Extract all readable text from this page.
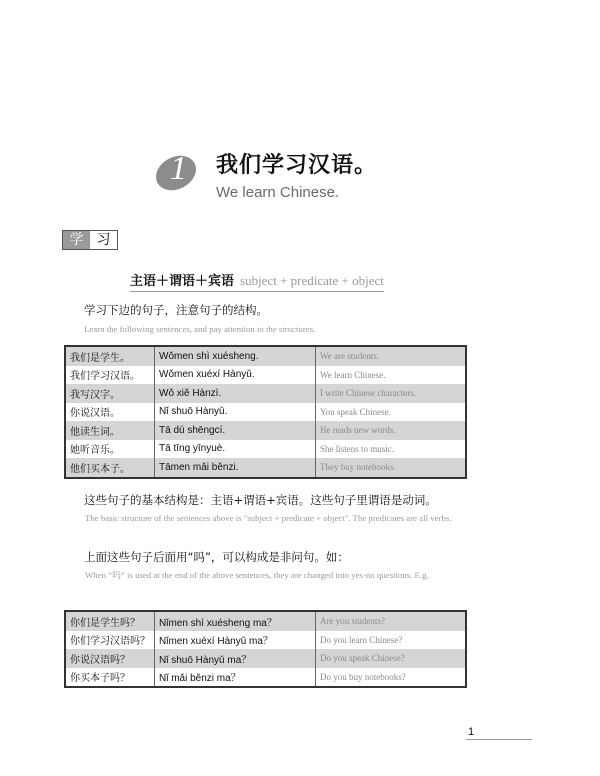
1 我们学习汉语。
We learn Chinese.
学 习
主语＋谓语＋宾语 subject + predicate + object
学习下边的句子，注意句子的结构。
Learn the following sentences, and pay attention to the structures.
我们是学生。	Wǒmen shì xuésheng.	We are students.
我们学习汉语。	Wǒmen xuéxí Hànyǔ.	We learn Chinese.
我写汉字。	Wǒ xiě Hànzì.	I write Chinese characters.
你说汉语。	Nǐ shuō Hànyǔ.	You speak Chinese.
他读生词。	Tā dú shēngcí.	He reads new words.
她听音乐。	Tā tīng yīnyuè.	She listens to music.
他们买本子。	Tāmen mǎi běnzi.	They buy notebooks.
这些句子的基本结构是：主语+谓语+宾语。这些句子里谓语是动词。
The basic structure of the sentences above is "subject + predicate + object". The predicates are all verbs.
上面这些句子后面用“吗”，可以构成是非问句。如：
When “吗” is used at the end of the above sentences, they are changed into yes-no questions. E.g.
你们是学生吗？	Nǐmen shì xuésheng ma？	Are you students?
你们学习汉语吗？	Nǐmen xuéxí Hànyǔ ma？	Do you learn Chinese?
你说汉语吗？	Nǐ shuō Hànyǔ ma？	Do you speak Chinese?
你买本子吗？	Nǐ mǎi běnzi ma？	Do you buy notebooks?
1
